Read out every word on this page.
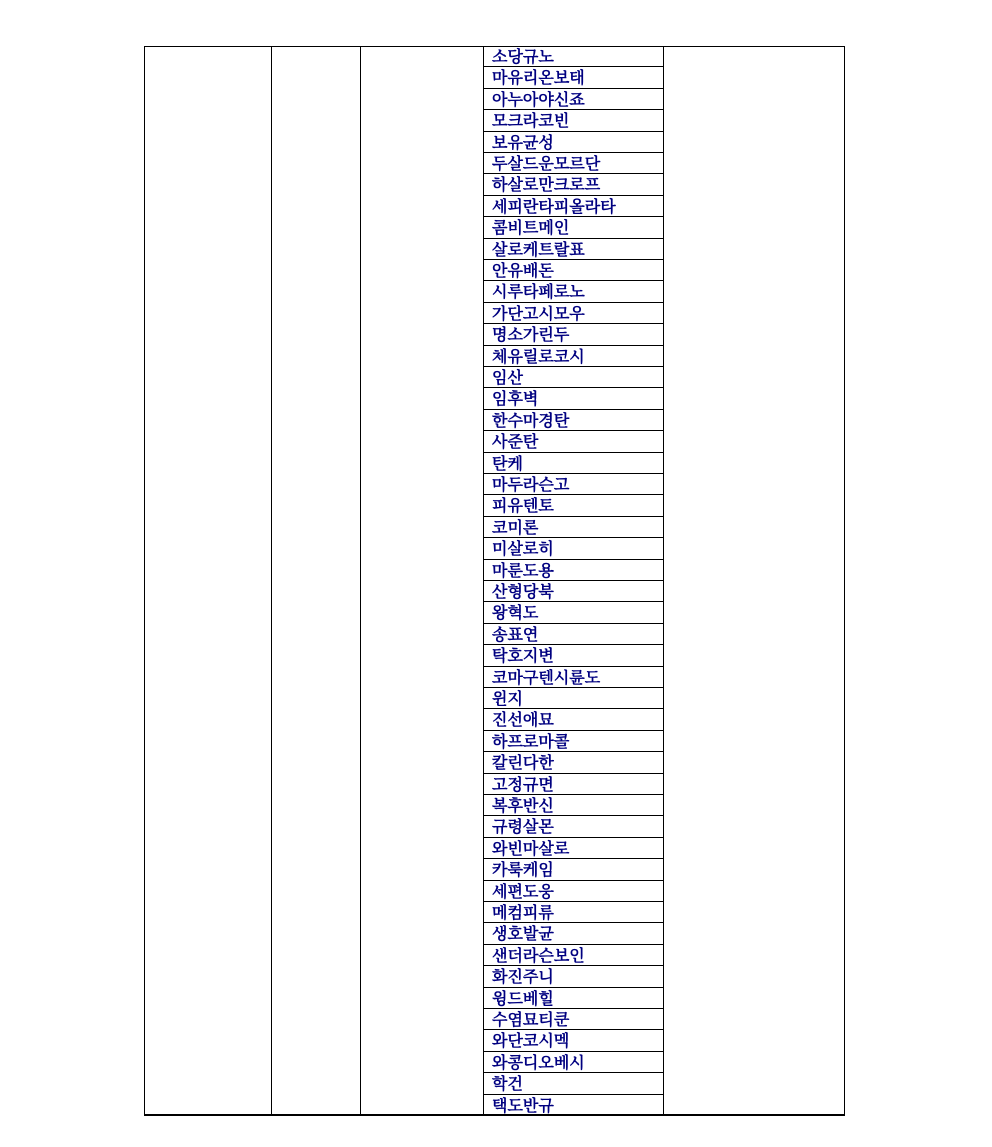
소당규노
마유리온보태
아누아야신죠
모크라코빈
보유균성
두살드운모르단
하살로만크로프
세피란타피올라타
콤비트메인
살로케트랄표
안유배돈
시루타페로노
가단고시모우
명소가린두
체유릴로코시
임산
임후벽
한수마경탄
사준탄
탄케
마두라슨고
피유텐토
코미론
미살로히
마룬도용
산형당북
왕혁도
송표연
탁호지변
코마구텐시륜도
윈지
진선애묘
하프로마콜
칼린다한
고정규면
복후반신
규령살몬
와빈마살로
카룩케임
세편도웅
메컴피류
생호발균
샌더라슨보인
화진주니
윙드베힐
수염묘티쿤
와단코시멕
와콩디오베시
학건
택도반규
